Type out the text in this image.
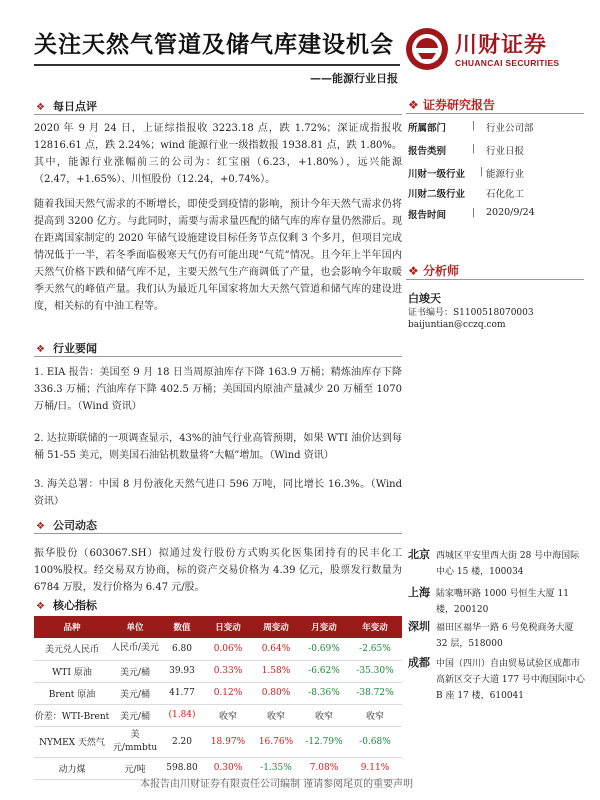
关注天然气管道及储气库建设机会
——能源行业日报
川财证券
CHUANCAI SECURITIES
❖ 每日点评

2020 年 9 月 24 日，上证综指报收 3223.18 点，跌 1.72%；深证成指报收 12816.61 点，跌 2.24%；wind 能源行业一级指数报 1938.81 点，跌 1.80%。其中，能源行业涨幅前三的公司为：红宝丽（6.23，+1.80%），远兴能源（2.47，+1.65%）、川恒股份（12.24，+0.74%）。

随着我国天然气需求的不断增长，即使受到疫情的影响，预计今年天然气需求仍将提高到 3200 亿方。与此同时，需要与需求量匹配的储气库的库存量仍然滞后。现在距离国家制定的 2020 年储气设施建设目标任务节点仅剩 3 个多月，但项目完成情况低于一半，若冬季面临极寒天气仍有可能出现“气荒”情况。且今年上半年国内天然气价格下跌和储气库不足，主要天然气生产商调低了产量，也会影响今年取暖季天然气的峰值产量。我们认为最近几年国家将加大天然气管道和储气库的建设进度，相关标的有中油工程等。

❖ 行业要闻

1. EIA 报告：美国至 9 月 18 日当周原油库存下降 163.9 万桶；精炼油库存下降 336.3 万桶；汽油库存下降 402.5 万桶；美国国内原油产量减少 20 万桶至 1070 万桶/日。（Wind 资讯）

2. 达拉斯联储的一项调查显示，43%的油气行业高管预期，如果 WTI 油价达到每桶 51-55 美元，则美国石油钻机数量将“大幅”增加。（Wind 资讯）

3. 海关总署：中国 8 月份液化天然气进口 596 万吨，同比增长 16.3%。（Wind 资讯）

❖ 公司动态

振华股份（603067.SH）拟通过发行股份方式购买化医集团持有的民丰化工 100%股权。经交易双方协商，标的资产交易价格为 4.39 亿元，股票发行数量为 6784 万股，发行价格为 6.47 元/股。

❖ 核心指标
品种	单位	数值	日变动	周变动	月变动	年变动
美元兑人民币	人民币/美元	6.80	0.06%	0.64%	-0.69%	-2.65%
WTI 原油	美元/桶	39.93	0.33%	1.58%	-6.62%	-35.30%
Brent 原油	美元/桶	41.77	0.12%	0.80%	-8.36%	-38.72%
价差：WTI-Brent	美元/桶	(1.84)	收窄	收窄	收窄	收窄
NYMEX 天然气	美元/mmbtu	2.20	18.97%	16.76%	-12.79%	-0.68%
动力煤	元/吨	598.80	0.30%	-1.35%	7.08%	9.11%
❖ 证券研究报告
所属部门	| 行业公司部
报告类别	| 行业日报
川财一级行业 | 能源行业
川财二级行业 石化化工
报告时间	| 2020/9/24
❖ 分析师
白竣天
证书编号：S1100518070003
baijuntian@cczq.com
北京 西城区平安里西大街 28 号中海国际中心 15 楼，100034
上海 陆家嘴环路 1000 号恒生大厦 11 楼，200120
深圳 福田区福华一路 6 号免税商务大厦 32 层，518000
成都 中国（四川）自由贸易试验区成都市高新区交子大道 177 号中海国际中心 B 座 17 楼，610041
本报告由川财证券有限责任公司编制 谨请参阅尾页的重要声明
